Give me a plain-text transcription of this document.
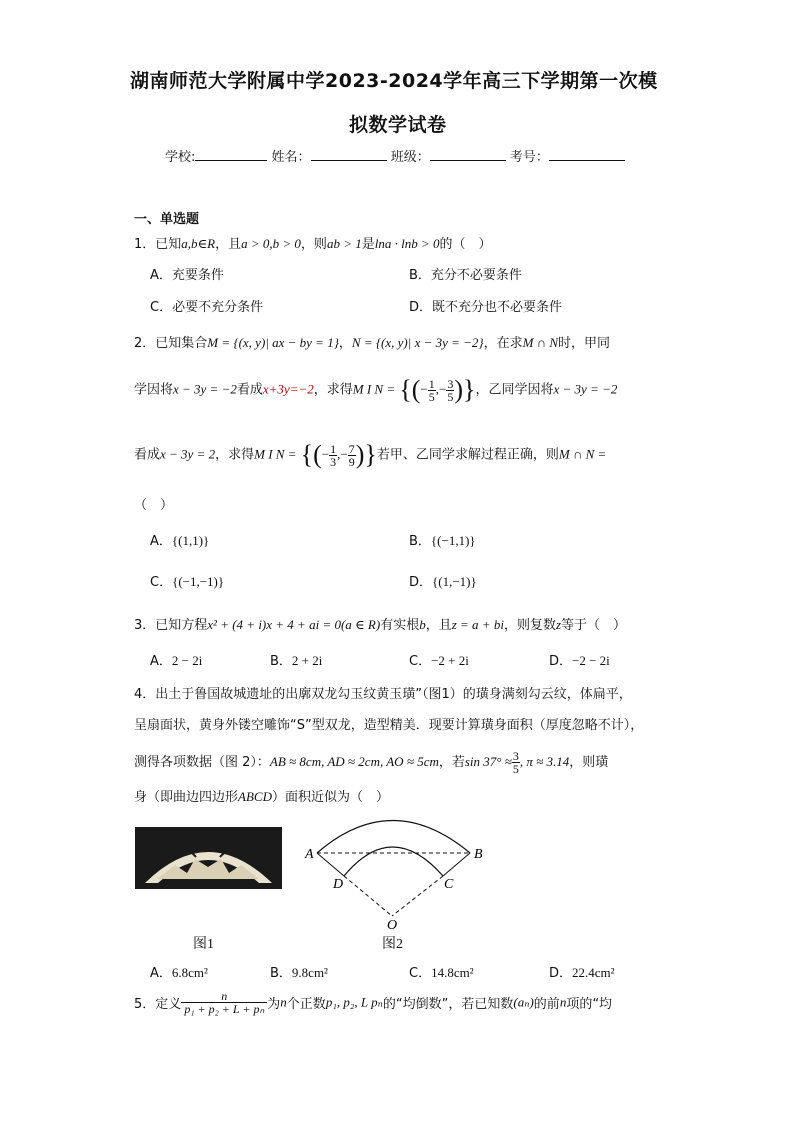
湖南师范大学附属中学2023-2024学年高三下学期第一次模
拟数学试卷
学校:	姓名：	班级：	考号：
一、单选题
1．已知a,b∈R，且a > 0,b > 0，则ab > 1是lna · lnb > 0的（　）
A．充要条件	B．充分不必要条件
C．必要不充分条件	D．既不充分也不必要条件
2．已知集合M = {(x, y)| ax − by = 1}，N = {(x, y)| x − 3y = −2}，在求M ∩ N时，甲同
学因将x − 3y = −2看成x+3y=−2，求得M I N = {(− $\frac{1}{5}$ ,− $\frac{3}{5}$ )}，乙同学因将x − 3y = −2
看成x − 3y = 2，求得M I N = {(− $\frac{1}{3}$ ,− $\frac{7}{9}$ )}若甲、乙同学求解过程正确，则M ∩ N =
（　）
A．{(1,1)}	B．{(−1,1)}
C．{(−1,−1)}	D．{(1,−1)}
3．已知方程x² + (4 + i)x + 4 + ai = 0(a ∈ R)有实根b，且z = a + bi，则复数z等于（　）
A．2 − 2i	B．2 + 2i	C．−2 + 2i	D．−2 − 2i
4．出土于鲁国故城遗址的出廓双龙勾玉纹黄玉璜”（图1）的璜身满刻勾云纹，体扁平，
呈扇面状，黄身外镂空雕饰“S”型双龙，造型精美．现要计算璜身面积（厚度忽略不计），
测得各项数据（图 2）：AB ≈ 8cm, AD ≈ 2cm, AO ≈ 5cm，若$\sin 37^\circ \approx \frac{3}{5}$ , π ≈ 3.14，则璜
身（即曲边四边形ABCD）面积近似为（　）
A	B
D	C
O
图1	图2
A．6.8cm²	B．9.8cm²	C．14.8cm²	D．22.4cm²
5．定义 $\frac{n}{\text{p₁ + p₂ + L + pₙ}}$ 为n个正数p₁, p₂, L pₙ的“均倒数”，若已知数(aₙ)的前n项的“均
